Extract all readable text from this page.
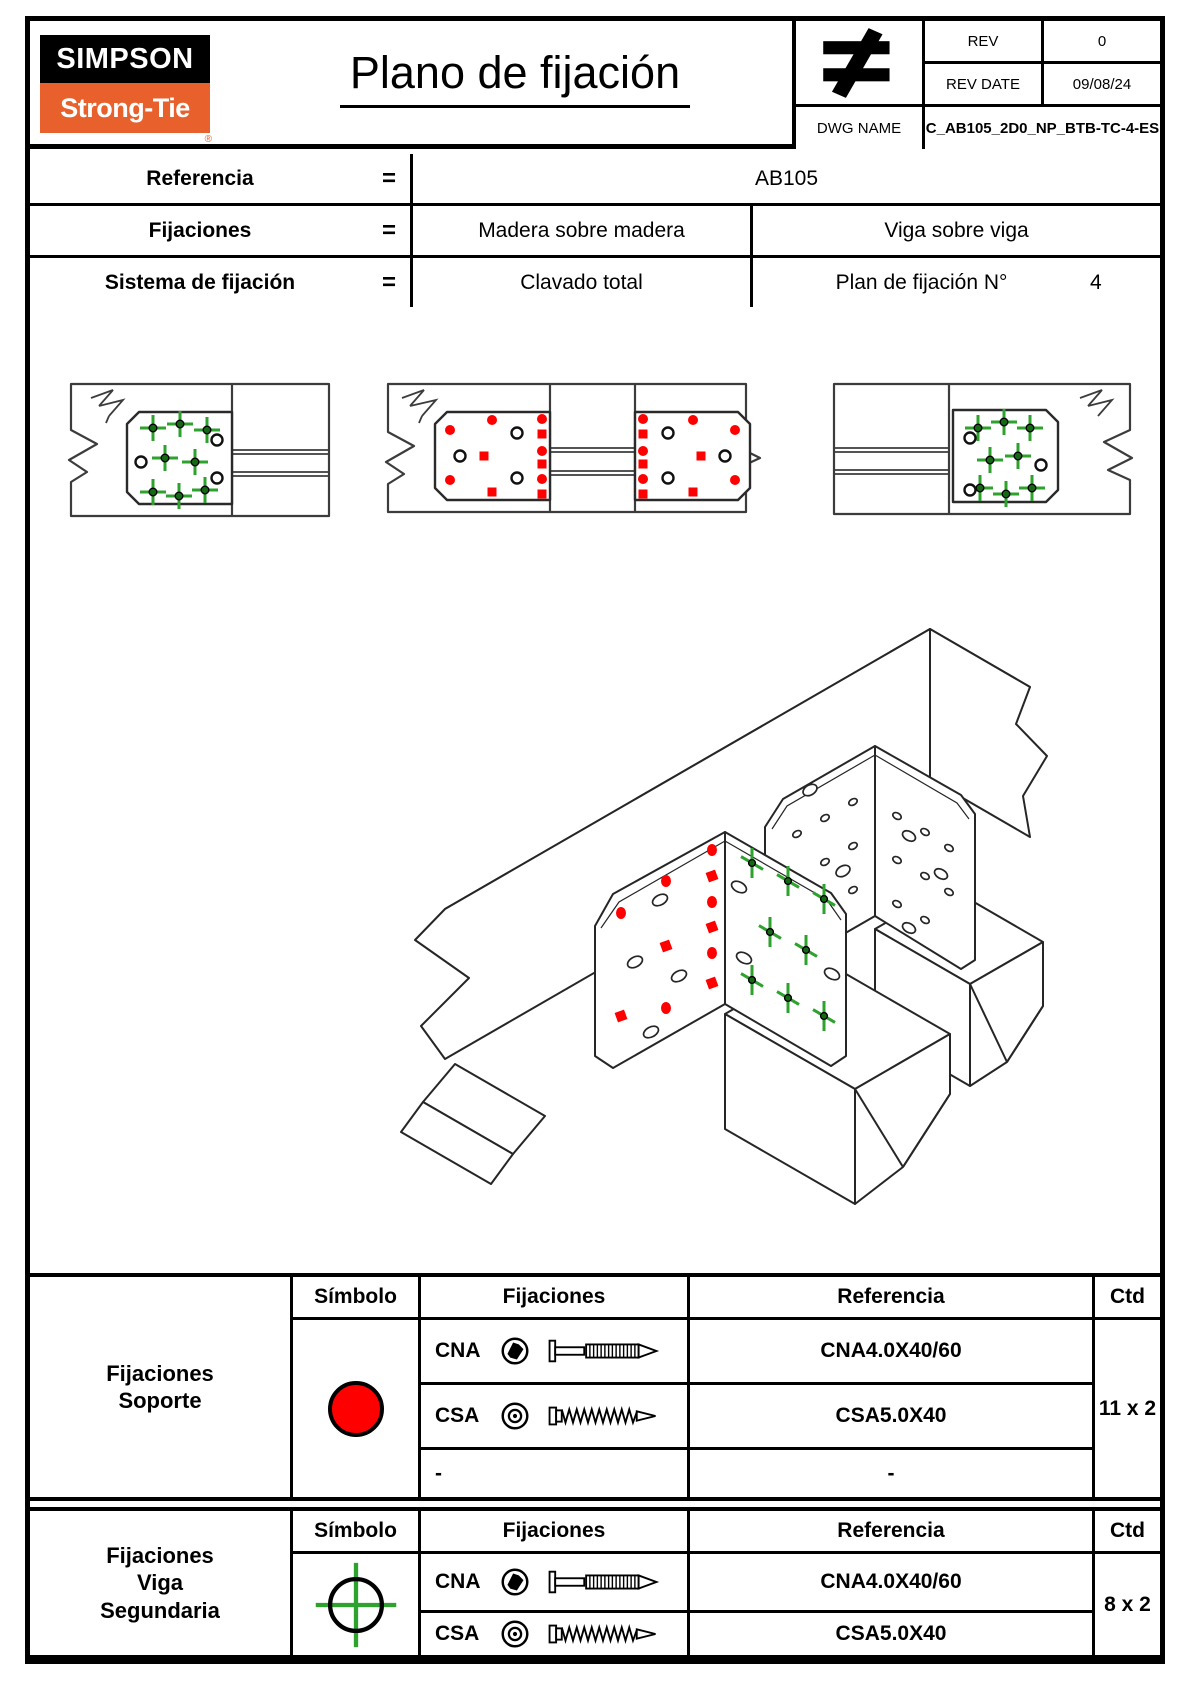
SIMPSON
Strong-Tie
®
Plano de fijación
REV	0
REV DATE	09/08/24
DWG NAME	C_AB105_2D0_NP_BTB-TC-4-ES
Referencia	=	AB105
Fijaciones	=	Madera sobre madera	Viga sobre viga
Sistema de fijación	=	Clavado total	Plan de fijación N°	4
Fijaciones
Soporte
Símbolo	Fijaciones	Referencia	Ctd
CNA	CNA4.0X40/60
CSA	CSA5.0X40
-	-
11 x 2
Fijaciones
Viga
Segundaria
Símbolo	Fijaciones	Referencia	Ctd
CNA	CNA4.0X40/60
CSA	CSA5.0X40
8 x 2
